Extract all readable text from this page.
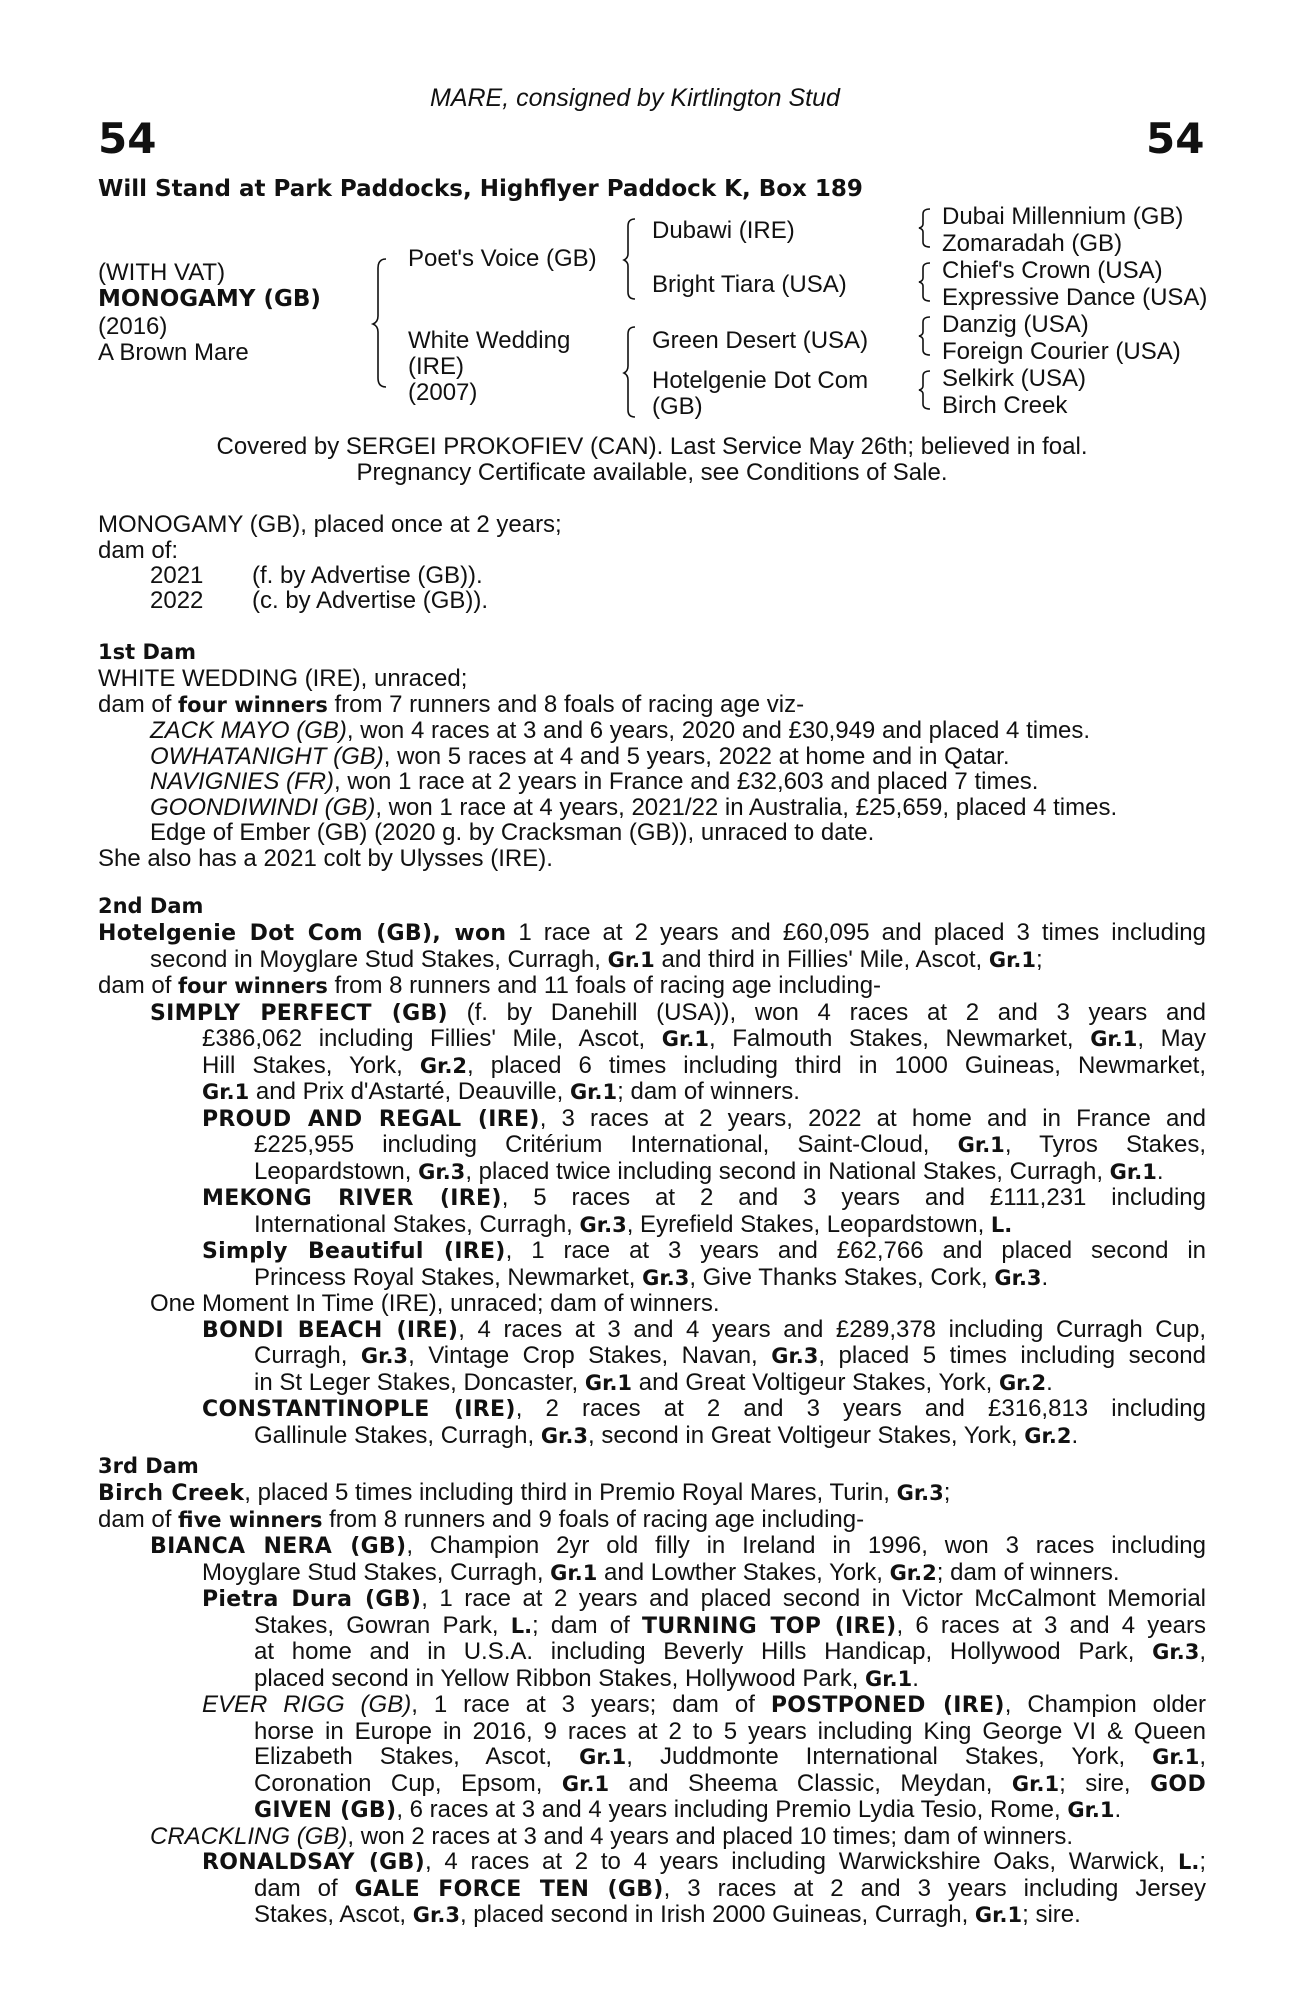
MARE, consigned by Kirtlington Stud
54	54
Will Stand at Park Paddocks, Highflyer Paddock K, Box 189
(WITH VAT)
MONOGAMY (GB)
(2016)
A Brown Mare
Poet's Voice (GB)
White Wedding
(IRE)
(2007)
Dubawi (IRE)
Bright Tiara (USA)
Green Desert (USA)
Hotelgenie Dot Com
(GB)
Dubai Millennium (GB)
Zomaradah (GB)
Chief's Crown (USA)
Expressive Dance (USA)
Danzig (USA)
Foreign Courier (USA)
Selkirk (USA)
Birch Creek
Covered by SERGEI PROKOFIEV (CAN). Last Service May 26th; believed in foal.
Pregnancy Certificate available, see Conditions of Sale.
MONOGAMY (GB), placed once at 2 years;
dam of:
2021 (f. by Advertise (GB)).
2022 (c. by Advertise (GB)).
1st Dam
WHITE WEDDING (IRE), unraced;
dam of four winners from 7 runners and 8 foals of racing age viz-
ZACK MAYO (GB), won 4 races at 3 and 6 years, 2020 and £30,949 and placed 4 times.
OWHATANIGHT (GB), won 5 races at 4 and 5 years, 2022 at home and in Qatar.
NAVIGNIES (FR), won 1 race at 2 years in France and £32,603 and placed 7 times.
GOONDIWINDI (GB), won 1 race at 4 years, 2021/22 in Australia, £25,659, placed 4 times.
Edge of Ember (GB) (2020 g. by Cracksman (GB)), unraced to date.
She also has a 2021 colt by Ulysses (IRE).
2nd Dam
Hotelgenie Dot Com (GB), won 1 race at 2 years and £60,095 and placed 3 times including
second in Moyglare Stud Stakes, Curragh, Gr.1 and third in Fillies' Mile, Ascot, Gr.1;
dam of four winners from 8 runners and 11 foals of racing age including-
SIMPLY PERFECT (GB) (f. by Danehill (USA)), won 4 races at 2 and 3 years and
£386,062 including Fillies' Mile, Ascot, Gr.1, Falmouth Stakes, Newmarket, Gr.1, May
Hill Stakes, York, Gr.2, placed 6 times including third in 1000 Guineas, Newmarket,
Gr.1 and Prix d'Astarté, Deauville, Gr.1; dam of winners.
PROUD AND REGAL (IRE), 3 races at 2 years, 2022 at home and in France and
£225,955 including Critérium International, Saint-Cloud, Gr.1, Tyros Stakes,
Leopardstown, Gr.3, placed twice including second in National Stakes, Curragh, Gr.1.
MEKONG RIVER (IRE), 5 races at 2 and 3 years and £111,231 including
International Stakes, Curragh, Gr.3, Eyrefield Stakes, Leopardstown, L.
Simply Beautiful (IRE), 1 race at 3 years and £62,766 and placed second in
Princess Royal Stakes, Newmarket, Gr.3, Give Thanks Stakes, Cork, Gr.3.
One Moment In Time (IRE), unraced; dam of winners.
BONDI BEACH (IRE), 4 races at 3 and 4 years and £289,378 including Curragh Cup,
Curragh, Gr.3, Vintage Crop Stakes, Navan, Gr.3, placed 5 times including second
in St Leger Stakes, Doncaster, Gr.1 and Great Voltigeur Stakes, York, Gr.2.
CONSTANTINOPLE (IRE), 2 races at 2 and 3 years and £316,813 including
Gallinule Stakes, Curragh, Gr.3, second in Great Voltigeur Stakes, York, Gr.2.
3rd Dam
Birch Creek, placed 5 times including third in Premio Royal Mares, Turin, Gr.3;
dam of five winners from 8 runners and 9 foals of racing age including-
BIANCA NERA (GB), Champion 2yr old filly in Ireland in 1996, won 3 races including
Moyglare Stud Stakes, Curragh, Gr.1 and Lowther Stakes, York, Gr.2; dam of winners.
Pietra Dura (GB), 1 race at 2 years and placed second in Victor McCalmont Memorial
Stakes, Gowran Park, L.; dam of TURNING TOP (IRE), 6 races at 3 and 4 years
at home and in U.S.A. including Beverly Hills Handicap, Hollywood Park, Gr.3,
placed second in Yellow Ribbon Stakes, Hollywood Park, Gr.1.
EVER RIGG (GB), 1 race at 3 years; dam of POSTPONED (IRE), Champion older
horse in Europe in 2016, 9 races at 2 to 5 years including King George VI & Queen
Elizabeth Stakes, Ascot, Gr.1, Juddmonte International Stakes, York, Gr.1,
Coronation Cup, Epsom, Gr.1 and Sheema Classic, Meydan, Gr.1; sire, GOD
GIVEN (GB), 6 races at 3 and 4 years including Premio Lydia Tesio, Rome, Gr.1.
CRACKLING (GB), won 2 races at 3 and 4 years and placed 10 times; dam of winners.
RONALDSAY (GB), 4 races at 2 to 4 years including Warwickshire Oaks, Warwick, L.;
dam of GALE FORCE TEN (GB), 3 races at 2 and 3 years including Jersey
Stakes, Ascot, Gr.3, placed second in Irish 2000 Guineas, Curragh, Gr.1; sire.
